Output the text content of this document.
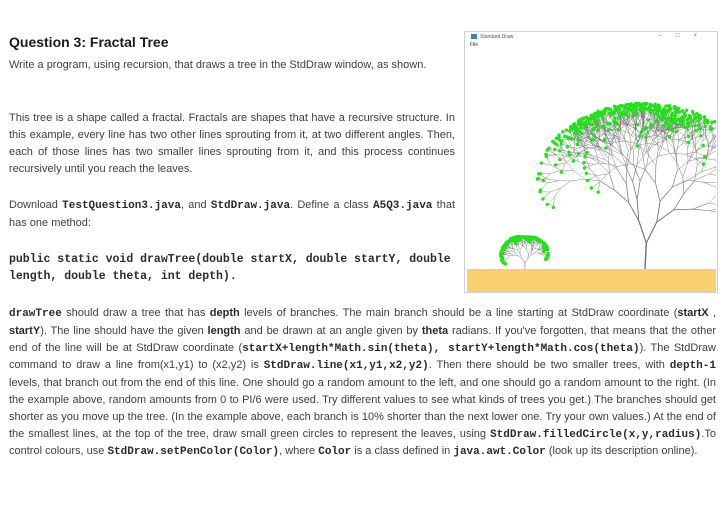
Question 3: Fractal Tree

Write a program, using recursion, that draws a tree in the StdDraw window, as shown.

This tree is a shape called a fractal. Fractals are shapes that have a recursive structure. In this example, every line has two other lines sprouting from it, at two different angles. Then, each of those lines has two smaller lines sprouting from it, and this process continues recursively until you reach the leaves.

Download TestQuestion3.java, and StdDraw.java. Define a class A5Q3.java that has one method:

public static void drawTree(double startX, double startY, double length, double theta, int depth).

drawTree should draw a tree that has depth levels of branches. The main branch should be a line starting at StdDraw coordinate (startX , startY). The line should have the given length and be drawn at an angle given by theta radians. If you've forgotten, that means that the other end of the line will be at StdDraw coordinate (startX+length*Math.sin(theta), startY+length*Math.cos(theta)). The StdDraw command to draw a line from(x1,y1) to (x2,y2) is StdDraw.line(x1,y1,x2,y2). Then there should be two smaller trees, with depth-1 levels, that branch out from the end of this line. One should go a random amount to the left, and one should go a random amount to the right. (In the example above, random amounts from 0 to PI/6 were used. Try different values to see what kinds of trees you get.) The branches should get shorter as you move up the tree. (In the example above, each branch is 10% shorter than the next lower one. Try your own values.) At the end of the smallest lines, at the top of the tree, draw small green circles to represent the leaves, using StdDraw.filledCircle(x,y,radius).To control colours, use StdDraw.setPenColor(Color), where Color is a class defined in java.awt.Color (look up its description online).

Standard Draw	–□×
File
